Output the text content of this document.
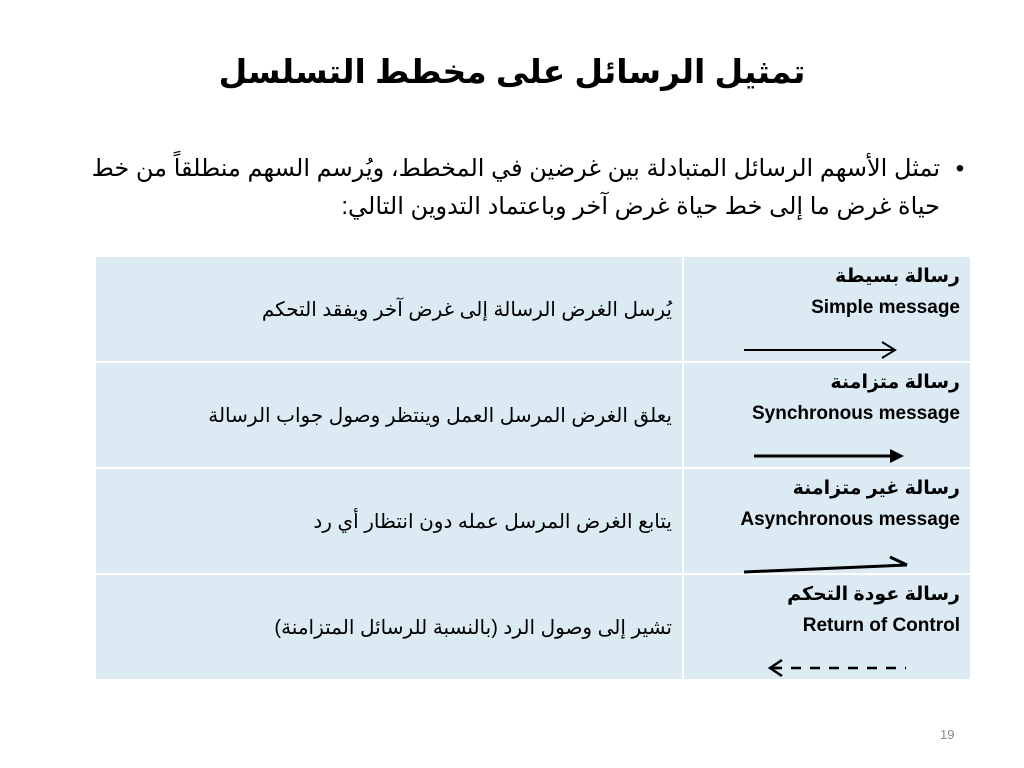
تمثيل الرسائل على مخطط التسلسل
•
تمثل الأسهم الرسائل المتبادلة بين غرضين في المخطط، ويُرسم السهم منطلقاً من خط حياة غرض ما إلى خط حياة غرض آخر وباعتماد التدوين التالي:
رسالة بسيطة
Simple message	يُرسل الغرض الرسالة إلى غرض آخر ويفقد التحكم

رسالة متزامنة
Synchronous message	يعلق الغرض المرسل العمل وينتظر وصول جواب الرسالة

رسالة غير متزامنة
Asynchronous message	يتابع الغرض المرسل عمله دون انتظار أي رد

رسالة عودة التحكم
Return of Control	تشير إلى وصول الرد (بالنسبة للرسائل المتزامنة)
19
